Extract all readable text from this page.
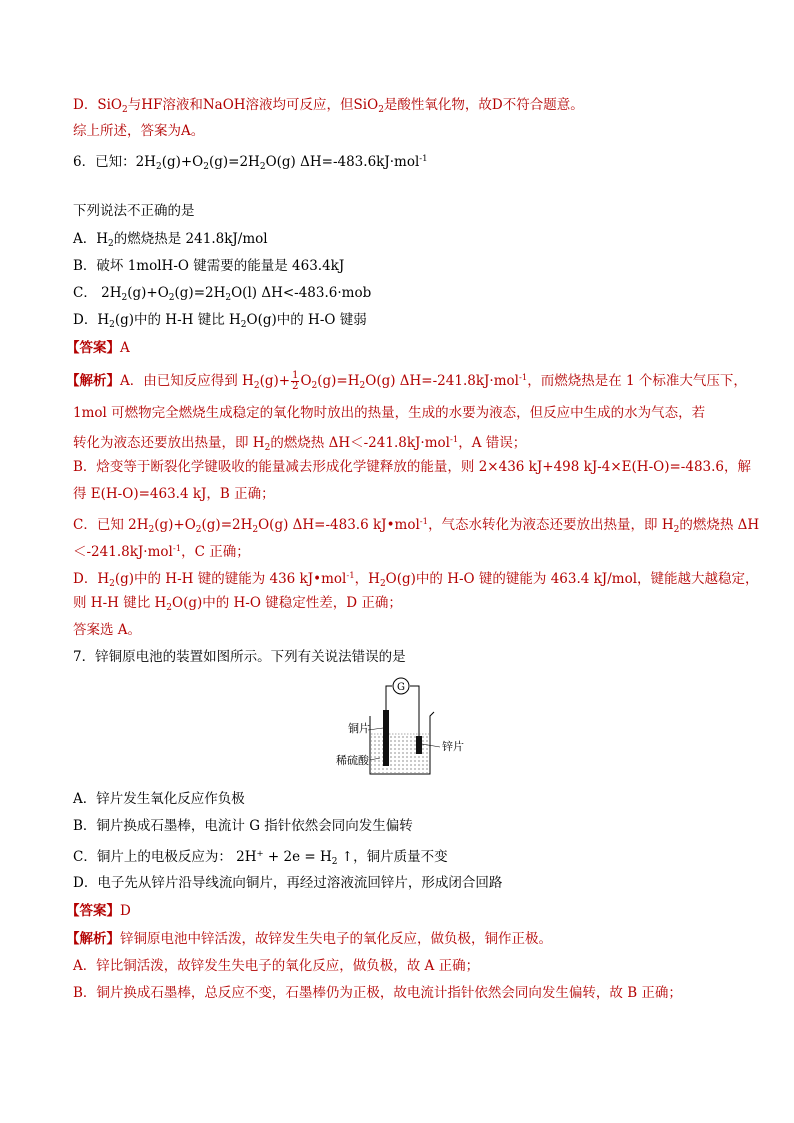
D．SiO$_2$与HF溶液和NaOH溶液均可反应，但SiO$_2$是酸性氧化物，故D不符合题意。
综上所述，答案为A。
6．已知：$2H_2(g)+O_2(g)=2H_2O(g)$ ΔH=-483.6kJ·mol$^{-1}$
下列说法不正确的是
A．$H_2$的燃烧热是 241.8kJ/mol
B．破坏 1molH-O 键需要的能量是 463.4kJ
C． $2H_2(g)+O_2(g)=2H_2O(l)$ ΔH<-483.6·mob
D．$H_2(g)$中的 H-H 键比 $H_2O(g)$中的 H-O 键弱
【答案】A
【解析】A．由已知反应得到 $H_2(g)+ \frac{1}{2} O_2(g)=H_2O(g)$ ΔH=-241.8kJ·mol$^{-1}$，而燃烧热是在 1 个标准大气压下，
1mol 可燃物完全燃烧生成稳定的氧化物时放出的热量，生成的水要为液态，但反应中生成的水为气态，若
转化为液态还要放出热量，即 $H_2$的燃烧热 ΔH＜-241.8kJ·mol$^{-1}$，A 错误；
B．焓变等于断裂化学键吸收的能量减去形成化学键释放的能量，则 2×436 kJ+498 kJ-4×E(H-O)=-483.6，解
得 E(H-O)=463.4 kJ，B 正确；
C．已知 $2H_2(g)+O_2(g)=2H_2O(g)$ ΔH=-483.6 kJ•mol$^{-1}$，气态水转化为液态还要放出热量，即 $H_2$的燃烧热 ΔH
＜-241.8kJ·mol$^{-1}$，C 正确；
D．$H_2(g)$中的 H-H 键的键能为 436 kJ•mol$^{-1}$，$H_2O(g)$中的 H-O 键的键能为 463.4 kJ/mol，键能越大越稳定，
则 H-H 键比 $H_2O(g)$中的 H-O 键稳定性差，D 正确；
答案选 A。
7．锌铜原电池的装置如图所示。下列有关说法错误的是
G
铜片
锌片
稀硫酸
A．锌片发生氧化反应作负极
B．铜片换成石墨棒，电流计 G 指针依然会同向发生偏转
C．铜片上的电极反应为： $2H^+ + 2e = H_2$ ↑，铜片质量不变
D．电子先从锌片沿导线流向铜片，再经过溶液流回锌片，形成闭合回路
【答案】D
【解析】锌铜原电池中锌活泼，故锌发生失电子的氧化反应，做负极，铜作正极。
A．锌比铜活泼，故锌发生失电子的氧化反应，做负极，故 A 正确；
B．铜片换成石墨棒，总反应不变，石墨棒仍为正极，故电流计指针依然会同向发生偏转，故 B 正确；
